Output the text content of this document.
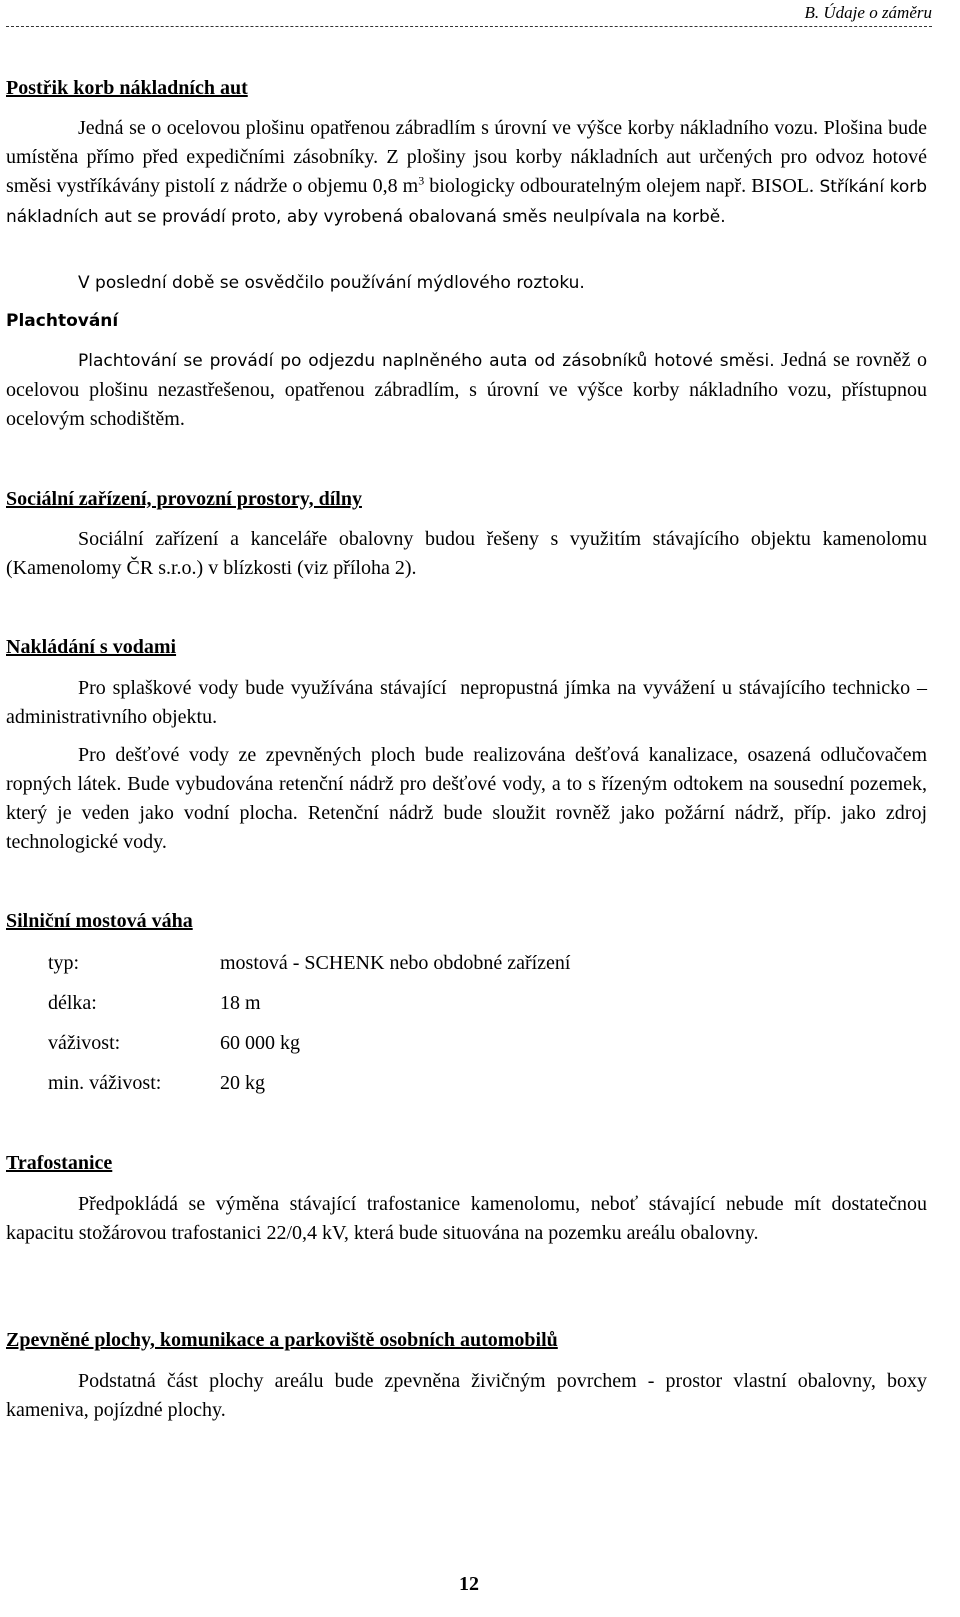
B. Údaje o záměru
Postřik korb nákladních aut

Jedná se o ocelovou plošinu opatřenou zábradlím s úrovní ve výšce korby nákladního vozu. Plošina bude umístěna přímo před expedičními zásobníky. Z plošiny jsou korby nákladních aut určených pro odvoz hotové směsi vystříkávány pistolí z nádrže o objemu 0,8 $m^3$ biologicky odbouratelným olejem např. BISOL. Stříkání korb nákladních aut se provádí proto, aby vyrobená obalovaná směs neulpívala na korbě.

V poslední době se osvědčilo používání mýdlového roztoku.

Plachtování

Plachtování se provádí po odjezdu naplněného auta od zásobníků hotové směsi. Jedná se rovněž o ocelovou plošinu nezastřešenou, opatřenou zábradlím, s úrovní ve výšce korby nákladního vozu, přístupnou ocelovým schodištěm.

Sociální zařízení, provozní prostory, dílny

Sociální zařízení a kanceláře obalovny budou řešeny s využitím stávajícího objektu kamenolomu (Kamenolomy ČR s.r.o.) v blízkosti (viz příloha 2).

Nakládání s vodami

Pro splaškové vody bude využívána stávající  nepropustná jímka na vyvážení u stávajícího technicko – administrativního objektu.

Pro dešťové vody ze zpevněných ploch bude realizována dešťová kanalizace, osazená odlučovačem ropných látek. Bude vybudována retenční nádrž pro dešťové vody, a to s řízeným odtokem na sousední pozemek, který je veden jako vodní plocha. Retenční nádrž bude sloužit rovněž jako požární nádrž, příp. jako zdroj technologické vody.

Silniční mostová váha
typ:	mostová - SCHENK nebo obdobné zařízení
délka:	18 m
váživost:	60 000 kg
min. váživost:	20 kg
Trafostanice

Předpokládá se výměna stávající trafostanice kamenolomu, neboť stávající nebude mít dostatečnou kapacitu stožárovou trafostanici 22/0,4 kV, která bude situována na pozemku areálu obalovny.

Zpevněné plochy, komunikace a parkoviště osobních automobilů

Podstatná část plochy areálu bude zpevněna živičným povrchem - prostor vlastní obalovny, boxy kameniva, pojízdné plochy.

12
